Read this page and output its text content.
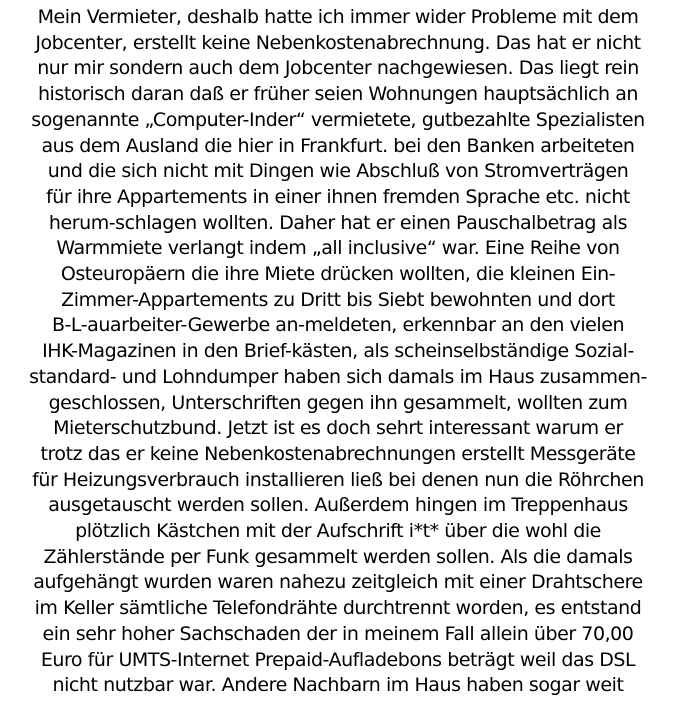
Mein Vermieter, deshalb hatte ich immer wider Probleme mit dem
Jobcenter, erstellt keine Nebenkostenabrechnung. Das hat er nicht
nur mir sondern auch dem Jobcenter nachgewiesen. Das liegt rein
historisch daran daß er früher seien Wohnungen hauptsächlich an
sogenannte „Computer-Inder“ vermietete, gutbezahlte Spezialisten
aus dem Ausland die hier in Frankfurt. bei den Banken arbeiteten
und die sich nicht mit Dingen wie Abschluß von Stromverträgen
für ihre Appartements in einer ihnen fremden Sprache etc. nicht
herum-schlagen wollten. Daher hat er einen Pauschalbetrag als
Warmmiete verlangt indem „all inclusive“ war. Eine Reihe von
Osteuropäern die ihre Miete drücken wollten, die kleinen Ein-
Zimmer-Appartements zu Dritt bis Siebt bewohnten und dort
B-L-auarbeiter-Gewerbe an-meldeten, erkennbar an den vielen
IHK-Magazinen in den Brief-kästen, als scheinselbständige Sozial-
standard- und Lohndumper haben sich damals im Haus zusammen-
geschlossen, Unterschriften gegen ihn gesammelt, wollten zum
Mieterschutzbund. Jetzt ist es doch sehrt interessant warum er
trotz das er keine Nebenkostenabrechnungen erstellt Messgeräte
für Heizungsverbrauch installieren ließ bei denen nun die Röhrchen
ausgetauscht werden sollen. Außerdem hingen im Treppenhaus
plötzlich Kästchen mit der Aufschrift i*t* über die wohl die
Zählerstände per Funk gesammelt werden sollen. Als die damals
aufgehängt wurden waren nahezu zeitgleich mit einer Drahtschere
im Keller sämtliche Telefondrähte durchtrennt worden, es entstand
ein sehr hoher Sachschaden der in meinem Fall allein über 70,00
Euro für UMTS-Internet Prepaid-Aufladebons beträgt weil das DSL
nicht nutzbar war. Andere Nachbarn im Haus haben sogar weit
